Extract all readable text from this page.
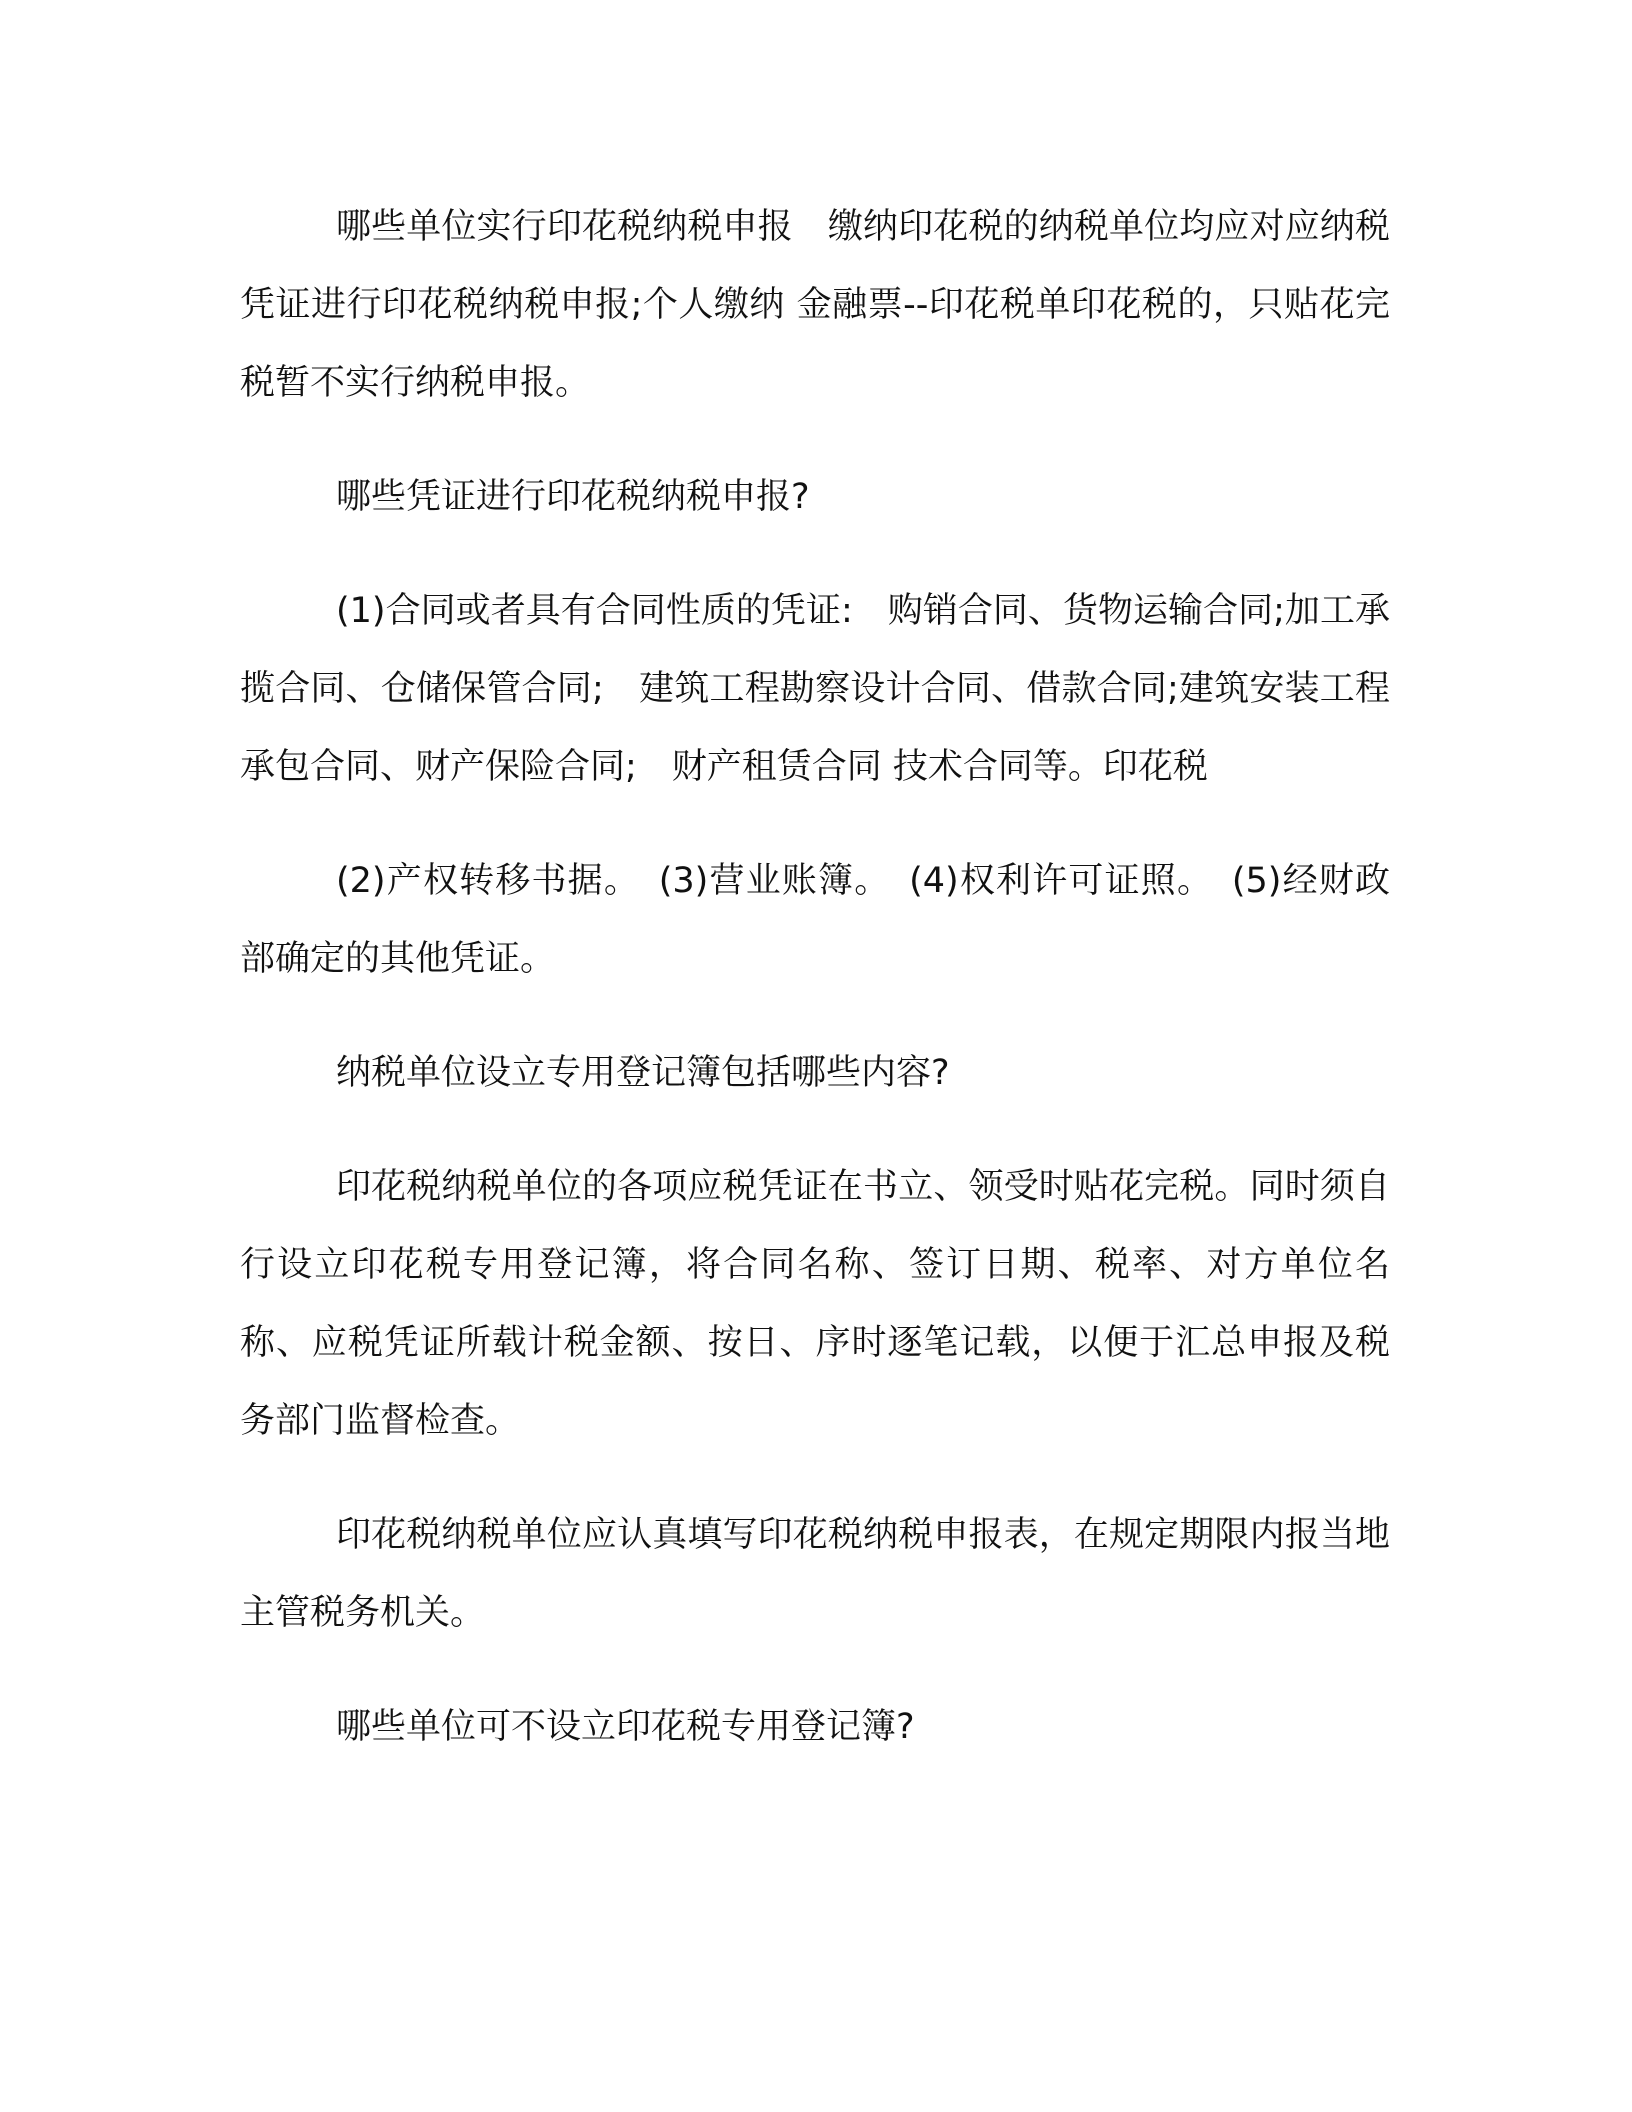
哪些单位实行印花税纳税申报　缴纳印花税的纳税单位均应对应纳税凭证进行印花税纳税申报;个人缴纳 金融票--印花税单印花税的，只贴花完税暂不实行纳税申报。

哪些凭证进行印花税纳税申报?

(1)合同或者具有合同性质的凭证:　购销合同、货物运输合同;加工承揽合同、仓储保管合同;　建筑工程勘察设计合同、借款合同;建筑安装工程承包合同、财产保险合同;　财产租赁合同 技术合同等。印花税

(2)产权转移书据。　(3)营业账簿。　(4)权利许可证照。　(5)经财政部确定的其他凭证。

纳税单位设立专用登记簿包括哪些内容?

印花税纳税单位的各项应税凭证在书立、领受时贴花完税。同时须自行设立印花税专用登记簿，将合同名称、签订日期、税率、对方单位名称、应税凭证所载计税金额、按日、序时逐笔记载，以便于汇总申报及税务部门监督检查。

印花税纳税单位应认真填写印花税纳税申报表，在规定期限内报当地主管税务机关。

哪些单位可不设立印花税专用登记簿?
